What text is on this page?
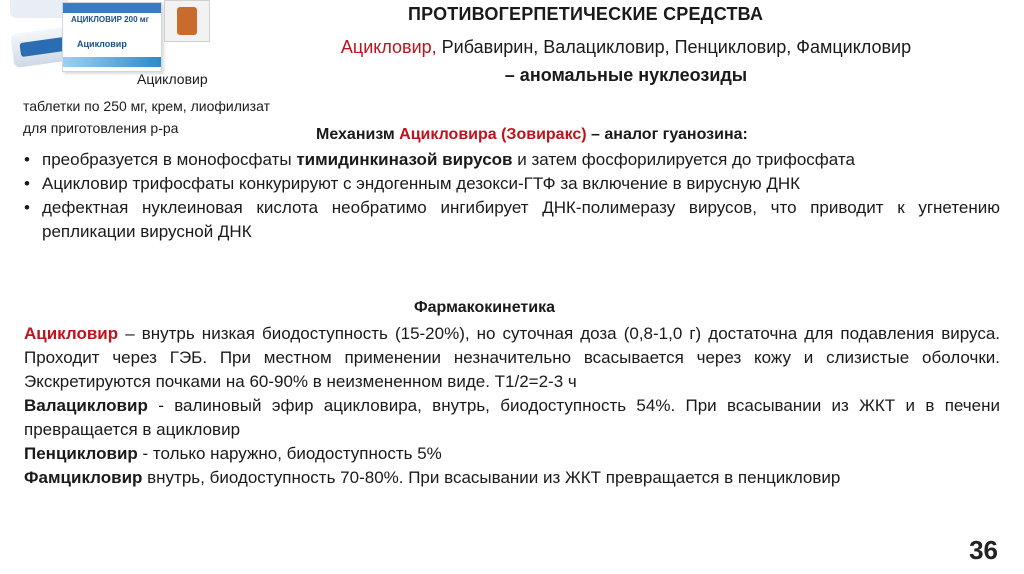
АЦИКЛОВИР 200 мг
Ацикловир
Ацикловир
таблетки по 250 мг, крем, лиофилизат
для приготовления р-ра
ПРОТИВОГЕРПЕТИЧЕСКИЕ СРЕДСТВА
Ацикловир, Рибавирин, Валацикловир, Пенцикловир, Фамцикловир
– аномальные нуклеозиды
Механизм Ацикловира (Зовиракс) – аналог гуанозина:
• преобразуется в монофосфаты тимидинкиназой вирусов и затем фосфорилируется до трифосфата
• Ацикловир трифосфаты конкурируют с эндогенным дезокси-ГТФ за включение в вирусную ДНК
• дефектная нуклеиновая кислота необратимо ингибирует ДНК-полимеразу вирусов, что приводит к угнетению репликации вирусной ДНК
Фармакокинетика

Ацикловир – внутрь низкая биодоступность (15-20%), но суточная доза (0,8-1,0 г) достаточна для подавления вируса. Проходит через ГЭБ. При местном применении незначительно всасывается через кожу и слизистые оболочки. Экскретируются почками на 60-90% в неизмененном виде. Т1/2=2-3 ч

Валацикловир - валиновый эфир ацикловира, внутрь, биодоступность 54%. При всасывании из ЖКТ и в печени превращается в ацикловир

Пенцикловир - только наружно, биодоступность 5%

Фамцикловир внутрь, биодоступность 70-80%. При всасывании из ЖКТ превращается в пенцикловир

36
